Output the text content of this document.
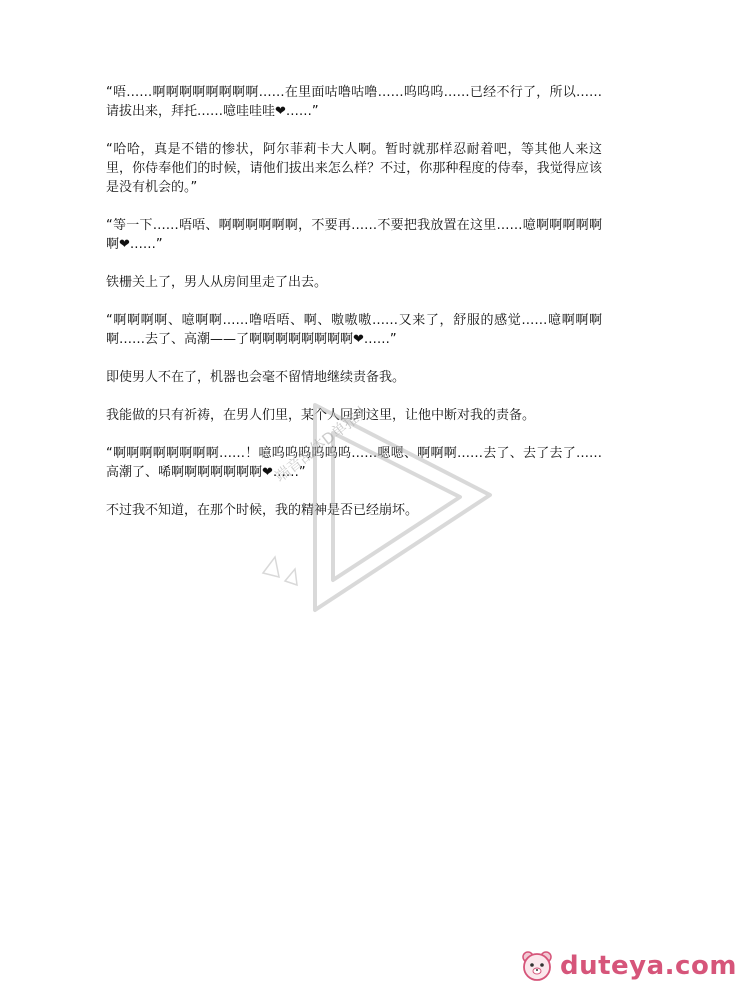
“唔……啊啊啊啊啊啊啊啊……在里面咕噜咕噜……呜呜呜……已经不行了，所以……请拔出来，拜托……噫哇哇哇❤……”

“哈哈，真是不错的惨状，阿尔菲莉卡大人啊。暂时就那样忍耐着吧，等其他人来这里，你侍奉他们的时候，请他们拔出来怎么样？不过，你那种程度的侍奉，我觉得应该是没有机会的。”

“等一下……唔唔、啊啊啊啊啊啊，不要再……不要把我放置在这里……噫啊啊啊啊啊啊❤……”

铁栅关上了，男人从房间里走了出去。

“啊啊啊啊、噫啊啊……噜唔唔、啊、嗷嗷嗷……又来了，舒服的感觉……噫啊啊啊啊……去了、高潮——了啊啊啊啊啊啊啊啊❤……”

即使男人不在了，机器也会毫不留情地继续责备我。

我能做的只有祈祷，在男人们里，某个人回到这里，让他中断对我的责备。

“啊啊啊啊啊啊啊啊……！噫呜呜呜呜呜呜……嗯嗯、啊啊啊……去了、去了去了……高潮了、唏啊啊啊啊啊啊啊❤……”

不过我不知道，在那个时候，我的精神是否已经崩坏。

端音乱体D单推人
duteya.com
